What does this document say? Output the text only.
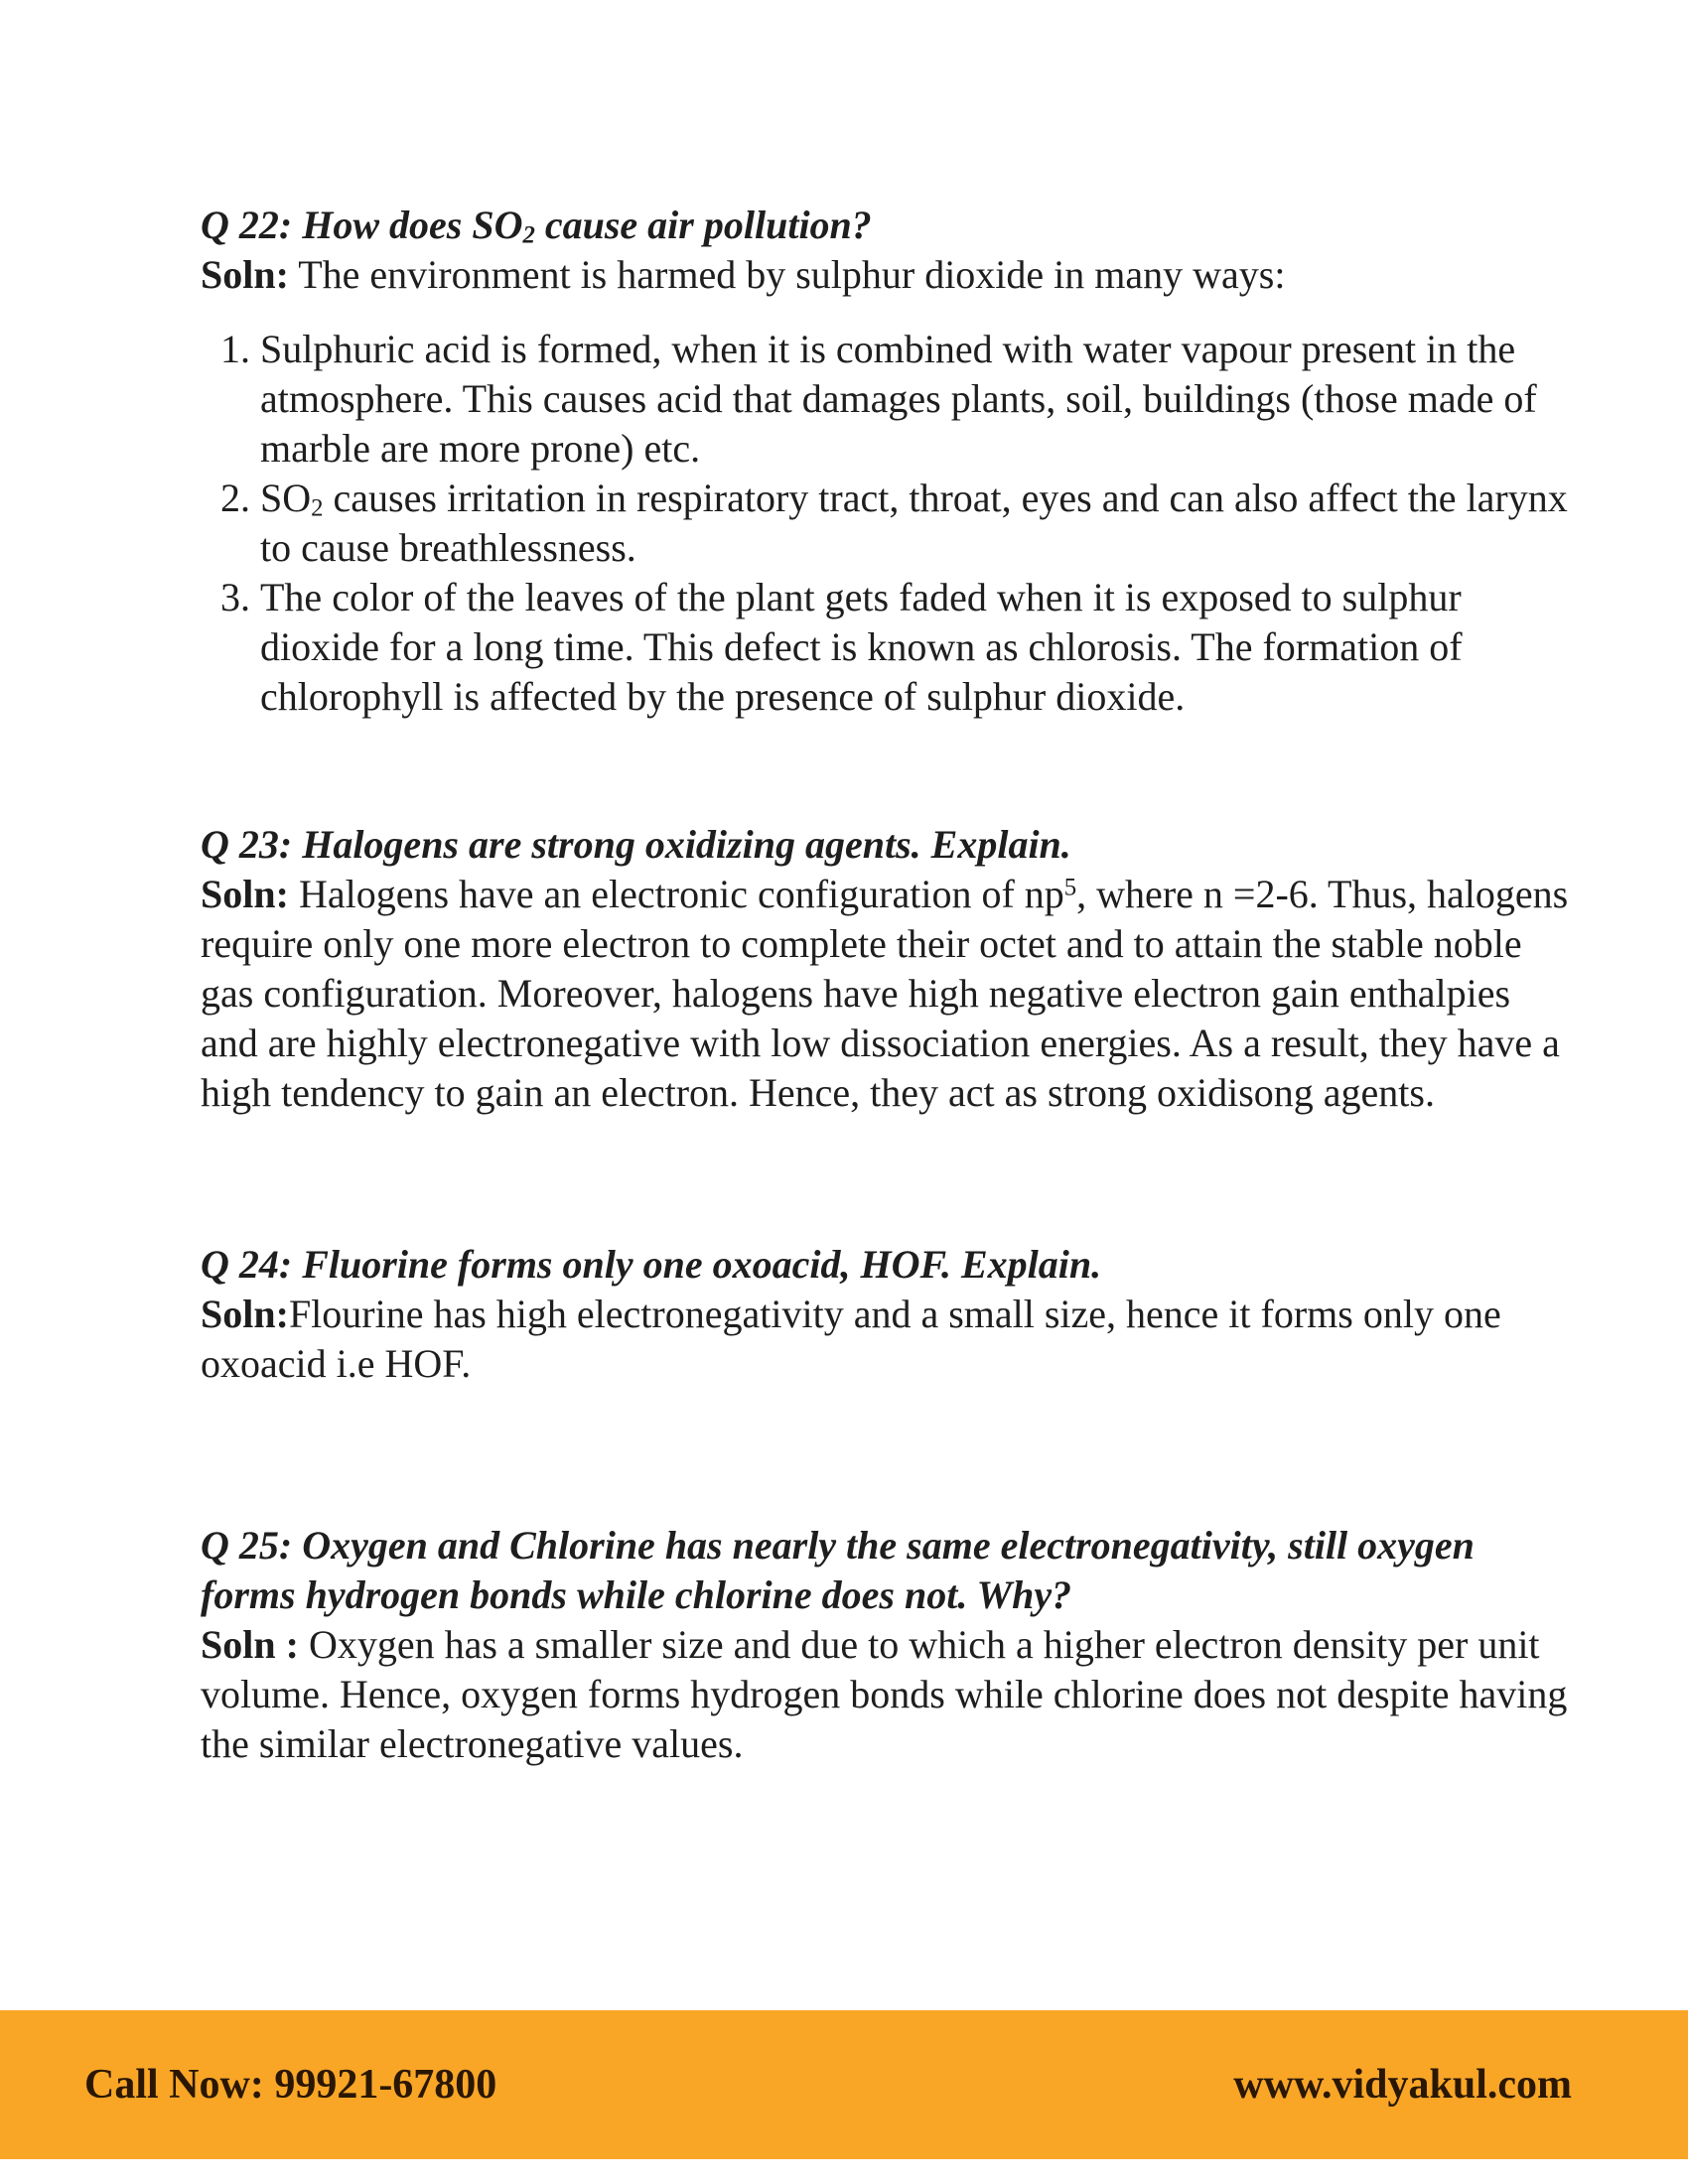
Q 22: How does $SO_2$ cause air pollution?
Soln: The environment is harmed by sulphur dioxide in many ways:
1. Sulphuric acid is formed, when it is combined with water vapour present in the
atmosphere. This causes acid that damages plants, soil, buildings (those made of
marble are more prone) etc.
2. $SO_2$ causes irritation in respiratory tract, throat, eyes and can also affect the larynx
to cause breathlessness.
3. The color of the leaves of the plant gets faded when it is exposed to sulphur
dioxide for a long time. This defect is known as chlorosis. The formation of
chlorophyll is affected by the presence of sulphur dioxide.
Q 23: Halogens are strong oxidizing agents. Explain.
Soln: Halogens have an electronic configuration of $np^5$, where n =2-6. Thus, halogens
require only one more electron to complete their octet and to attain the stable noble
gas configuration. Moreover, halogens have high negative electron gain enthalpies
and are highly electronegative with low dissociation energies. As a result, they have a
high tendency to gain an electron. Hence, they act as strong oxidisong agents.
Q 24: Fluorine forms only one oxoacid, HOF. Explain.
Soln:Flourine has high electronegativity and a small size, hence it forms only one
oxoacid i.e HOF.
Q 25: Oxygen and Chlorine has nearly the same electronegativity, still oxygen
forms hydrogen bonds while chlorine does not. Why?
Soln : Oxygen has a smaller size and due to which a higher electron density per unit
volume. Hence, oxygen forms hydrogen bonds while chlorine does not despite having
the similar electronegative values.
Call Now: 99921-67800	www.vidyakul.com
